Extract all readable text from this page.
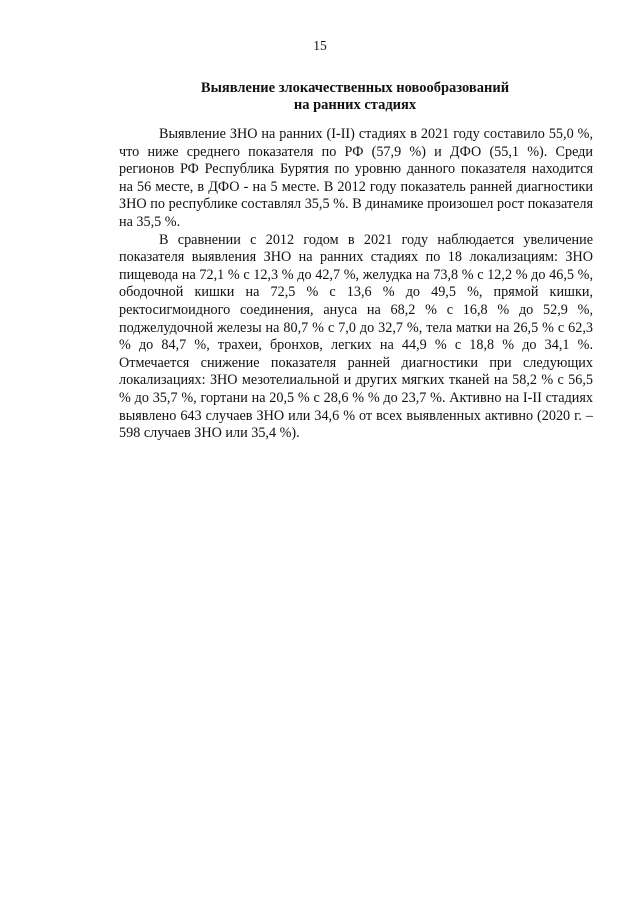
15
Выявление злокачественных новообразований
на ранних стадиях

Выявление ЗНО на ранних (I-II) стадиях в 2021 году составило 55,0 %, что ниже среднего показателя по РФ (57,9 %) и ДФО (55,1 %). Среди регионов РФ Республика Бурятия по уровню данного показателя находится на 56 месте, в ДФО - на 5 месте. В 2012 году показатель ранней диагностики ЗНО по республике составлял 35,5 %. В динамике произошел рост показателя на 35,5 %.

В сравнении с 2012 годом в 2021 году наблюдается увеличение показателя выявления ЗНО на ранних стадиях по 18 локализациям: ЗНО пищевода на 72,1 % с 12,3 % до 42,7 %, желудка на 73,8 % с 12,2 % до 46,5 %, ободочной кишки на 72,5 % с 13,6 % до 49,5 %, прямой кишки, ректосигмоидного соединения, ануса на 68,2 % с 16,8 % до 52,9 %, поджелудочной железы на 80,7 % с 7,0 до 32,7 %, тела матки на 26,5 % с 62,3 % до 84,7 %, трахеи, бронхов, легких на 44,9 % с 18,8 % до 34,1 %. Отмечается снижение показателя ранней диагностики при следующих локализациях: ЗНО мезотелиальной и других мягких тканей на 58,2 % с 56,5 % до 35,7 %, гортани на 20,5 % с 28,6 % % до 23,7 %. Активно на I-II стадиях выявлено 643 случаев ЗНО или 34,6 % от всех выявленных активно (2020 г. – 598 случаев ЗНО или 35,4 %).
